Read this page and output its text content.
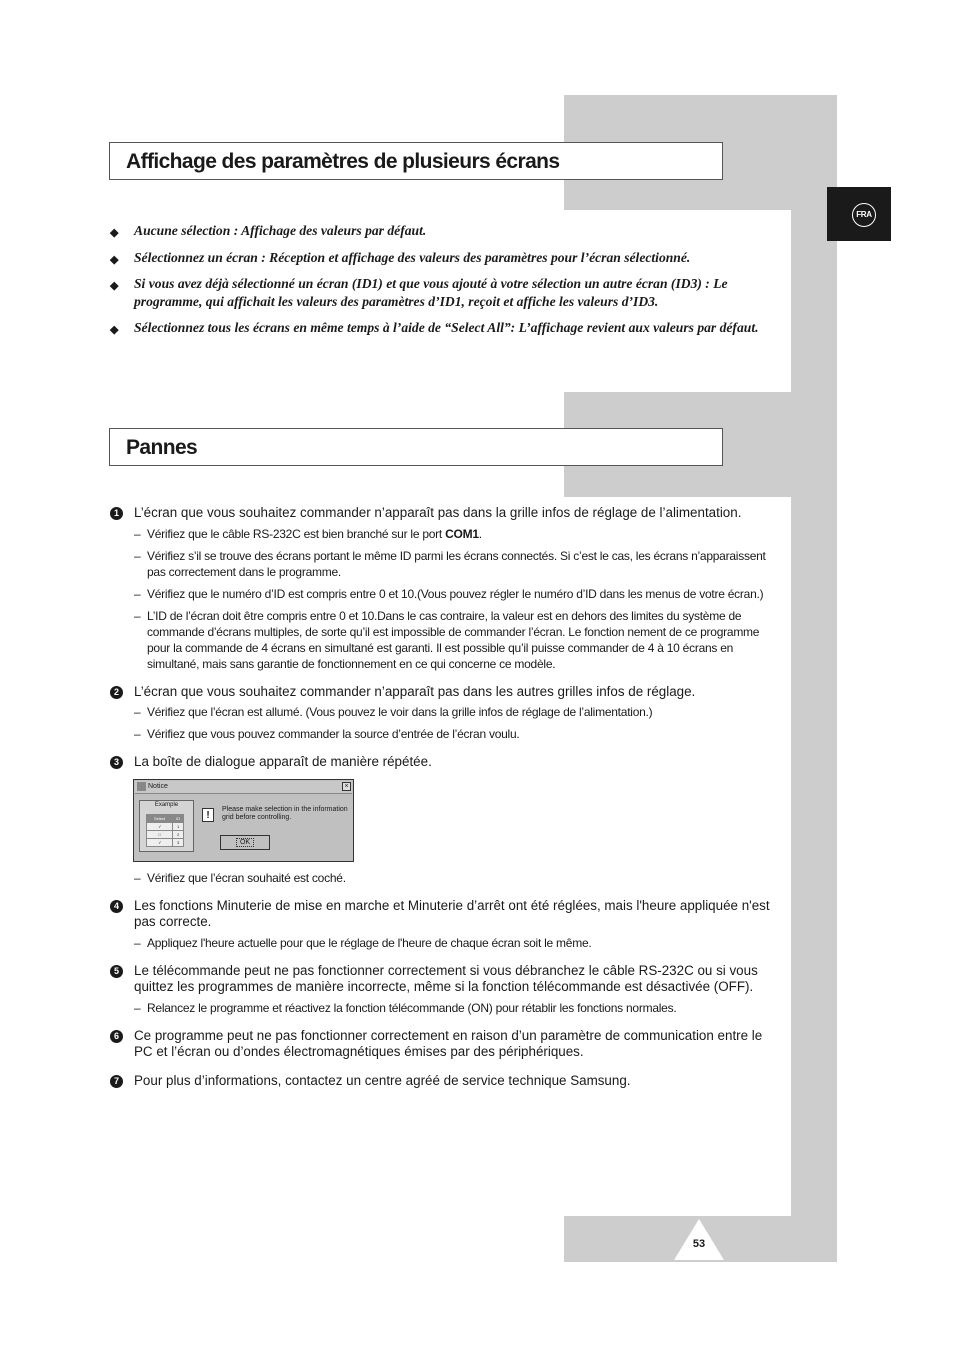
FRA
Affichage des paramètres de plusieurs écrans
◆ Aucune sélection : Affichage des valeurs par défaut.
◆ Sélectionnez un écran : Réception et affichage des valeurs des paramètres pour l’écran sélectionné.
◆ Si vous avez déjà sélectionné un écran (ID1) et que vous ajouté à votre sélection un autre écran (ID3) : Le programme, qui affichait les valeurs des paramètres d’ID1, reçoit et affiche les valeurs d’ID3.
◆ Sélectionnez tous les écrans en même temps à l’aide de “Select All”: L’affichage revient aux valeurs par défaut.
Pannes
1 L’écran que vous souhaitez commander n’apparaît pas dans la grille infos de réglage de l’alimentation.
– Vérifiez que le câble RS-232C est bien branché sur le port COM1.
– Vérifiez s’il se trouve des écrans portant le même ID parmi les écrans connectés. Si c’est le cas, les écrans n’apparaissent pas correctement dans le programme.
– Vérifiez que le numéro d’ID est compris entre 0 et 10.(Vous pouvez régler le numéro d’ID dans les menus de votre écran.)
– L’ID de l’écran doit être compris entre 0 et 10.Dans le cas contraire, la valeur est en dehors des limites du système de commande d’écrans multiples, de sorte qu’il est impossible de commander l’écran. Le fonction nement de ce programme pour la commande de 4 écrans en simultané est garanti. Il est possible qu’il puisse commander de 4 à 10 écrans en simultané, mais sans garantie de fonctionnement en ce qui concerne ce modèle.
2 L’écran que vous souhaitez commander n’apparaît pas dans les autres grilles infos de réglage.
– Vérifiez que l’écran est allumé. (Vous pouvez le voir dans la grille infos de réglage de l’alimentation.)
– Vérifiez que vous pouvez commander la source d’entrée de l’écran voulu.
3 La boîte de dialogue apparaît de manière répétée.
Notice	×
Example
Select	ID
√	1
□	2
√	3
!
Please make selection in the information grid before controlling.
OK
– Vérifiez que l’écran souhaité est coché.
4 Les fonctions Minuterie de mise en marche et Minuterie d’arrêt ont été réglées, mais l'heure appliquée n'est pas correcte.
– Appliquez l'heure actuelle pour que le réglage de l'heure de chaque écran soit le même.
5 Le télécommande peut ne pas fonctionner correctement si vous débranchez le câble RS-232C ou si vous quittez les programmes de manière incorrecte, même si la fonction télécommande est désactivée (OFF).
– Relancez le programme et réactivez la fonction télécommande (ON) pour rétablir les fonctions normales.
6 Ce programme peut ne pas fonctionner correctement en raison d’un paramètre de communication entre le PC et l’écran ou d’ondes électromagnétiques émises par des périphériques.
7 Pour plus d’informations, contactez un centre agréé de service technique Samsung.
53
